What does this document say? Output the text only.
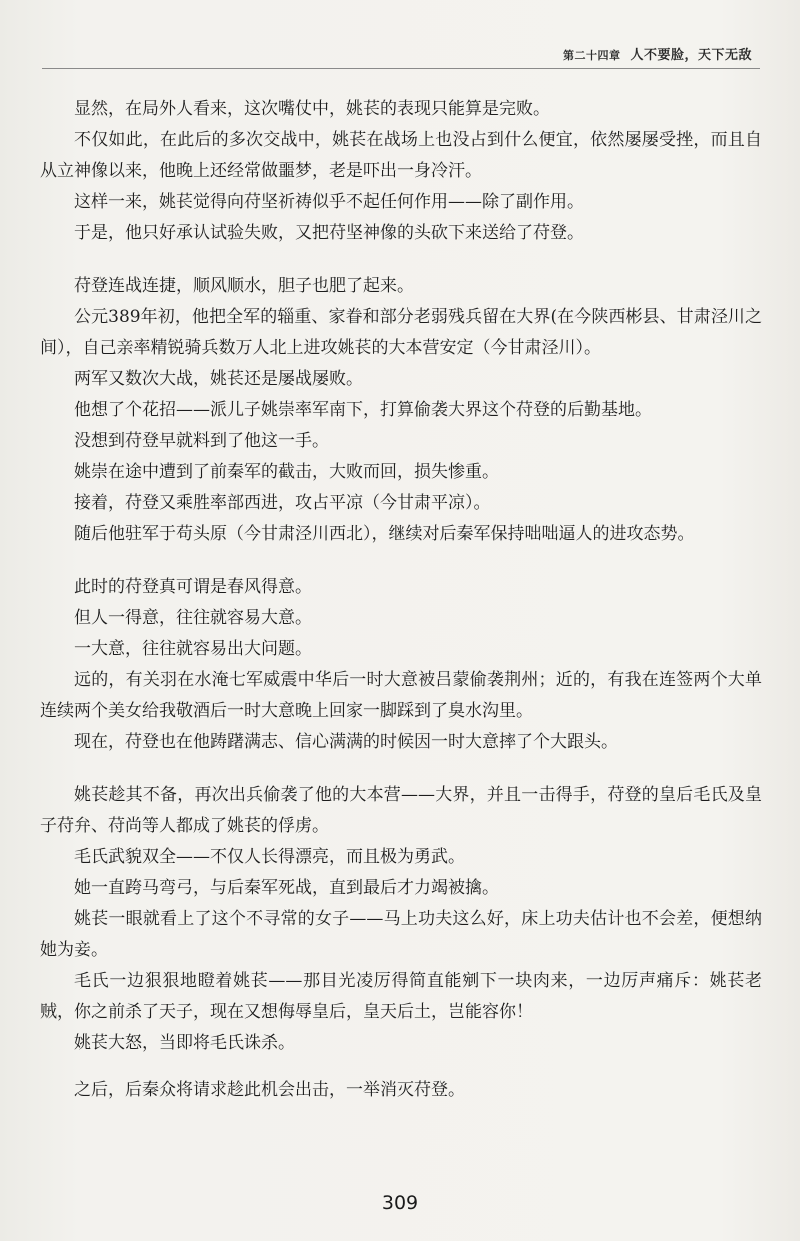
第二十四章 人不要脸，天下无敌

显然，在局外人看来，这次嘴仗中，姚苌的表现只能算是完败。

不仅如此，在此后的多次交战中，姚苌在战场上也没占到什么便宜，依然屡屡受挫，而且自从立神像以来，他晚上还经常做噩梦，老是吓出一身冷汗。

这样一来，姚苌觉得向苻坚祈祷似乎不起任何作用——除了副作用。

于是，他只好承认试验失败，又把苻坚神像的头砍下来送给了苻登。

苻登连战连捷，顺风顺水，胆子也肥了起来。

公元389年初，他把全军的辎重、家眷和部分老弱残兵留在大界(在今陕西彬县、甘肃泾川之间），自己亲率精锐骑兵数万人北上进攻姚苌的大本营安定（今甘肃泾川）。

两军又数次大战，姚苌还是屡战屡败。

他想了个花招——派儿子姚崇率军南下，打算偷袭大界这个苻登的后勤基地。

没想到苻登早就料到了他这一手。

姚崇在途中遭到了前秦军的截击，大败而回，损失惨重。

接着，苻登又乘胜率部西进，攻占平凉（今甘肃平凉）。

随后他驻军于苟头原（今甘肃泾川西北），继续对后秦军保持咄咄逼人的进攻态势。

此时的苻登真可谓是春风得意。

但人一得意，往往就容易大意。

一大意，往往就容易出大问题。

远的，有关羽在水淹七军威震中华后一时大意被吕蒙偷袭荆州；近的，有我在连签两个大单连续两个美女给我敬酒后一时大意晚上回家一脚踩到了臭水沟里。

现在，苻登也在他踌躇满志、信心满满的时候因一时大意摔了个大跟头。

姚苌趁其不备，再次出兵偷袭了他的大本营——大界，并且一击得手，苻登的皇后毛氏及皇子苻弁、苻尚等人都成了姚苌的俘虏。

毛氏武貌双全——不仅人长得漂亮，而且极为勇武。

她一直跨马弯弓，与后秦军死战，直到最后才力竭被擒。

姚苌一眼就看上了这个不寻常的女子——马上功夫这么好，床上功夫估计也不会差，便想纳她为妾。

毛氏一边狠狠地瞪着姚苌——那目光凌厉得简直能剜下一块肉来，一边厉声痛斥：姚苌老贼，你之前杀了天子，现在又想侮辱皇后，皇天后土，岂能容你！

姚苌大怒，当即将毛氏诛杀。

之后，后秦众将请求趁此机会出击，一举消灭苻登。

309
